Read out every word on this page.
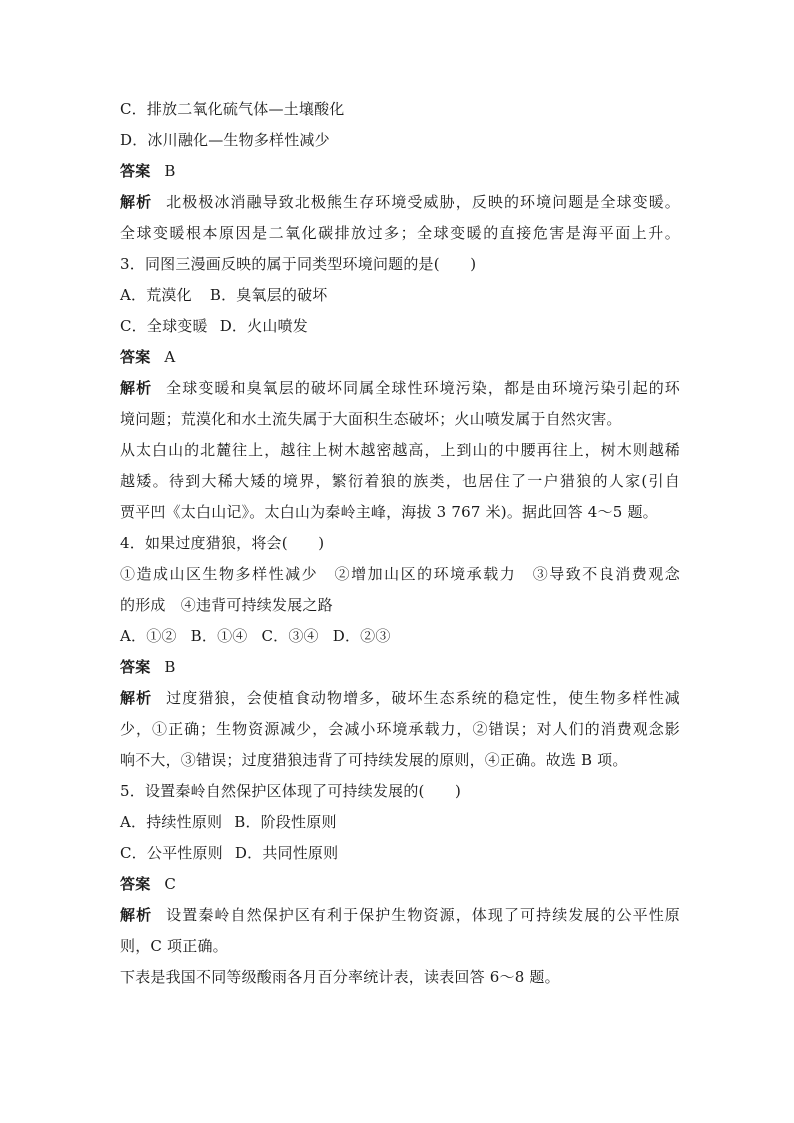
C．排放二氧化硫气体—土壤酸化
D．冰川融化—生物多样性减少
答案 B
解析 北极极冰消融导致北极熊生存环境受威胁，反映的环境问题是全球变暖。
全球变暖根本原因是二氧化碳排放过多；全球变暖的直接危害是海平面上升。
3．同图三漫画反映的属于同类型环境问题的是(　　)
A．荒漠化 B．臭氧层的破坏
C．全球变暖 D．火山喷发
答案 A
解析 全球变暖和臭氧层的破坏同属全球性环境污染，都是由环境污染引起的环
境问题；荒漠化和水土流失属于大面积生态破坏；火山喷发属于自然灾害。
从太白山的北麓往上，越往上树木越密越高，上到山的中腰再往上，树木则越稀
越矮。待到大稀大矮的境界，繁衍着狼的族类，也居住了一户猎狼的人家(引自
贾平凹《太白山记》。太白山为秦岭主峰，海拔 3 767 米)。据此回答 4～5 题。
4．如果过度猎狼，将会(　　)
①造成山区生物多样性减少　②增加山区的环境承载力　③导致不良消费观念
的形成　④违背可持续发展之路
A．①② B．①④ C．③④ D．②③
答案 B
解析 过度猎狼，会使植食动物增多，破坏生态系统的稳定性，使生物多样性减
少，①正确；生物资源减少，会减小环境承载力，②错误；对人们的消费观念影
响不大，③错误；过度猎狼违背了可持续发展的原则，④正确。故选 B 项。
5．设置秦岭自然保护区体现了可持续发展的(　　)
A．持续性原则 B．阶段性原则
C．公平性原则 D．共同性原则
答案 C
解析 设置秦岭自然保护区有利于保护生物资源，体现了可持续发展的公平性原
则，C 项正确。
下表是我国不同等级酸雨各月百分率统计表，读表回答 6～8 题。
